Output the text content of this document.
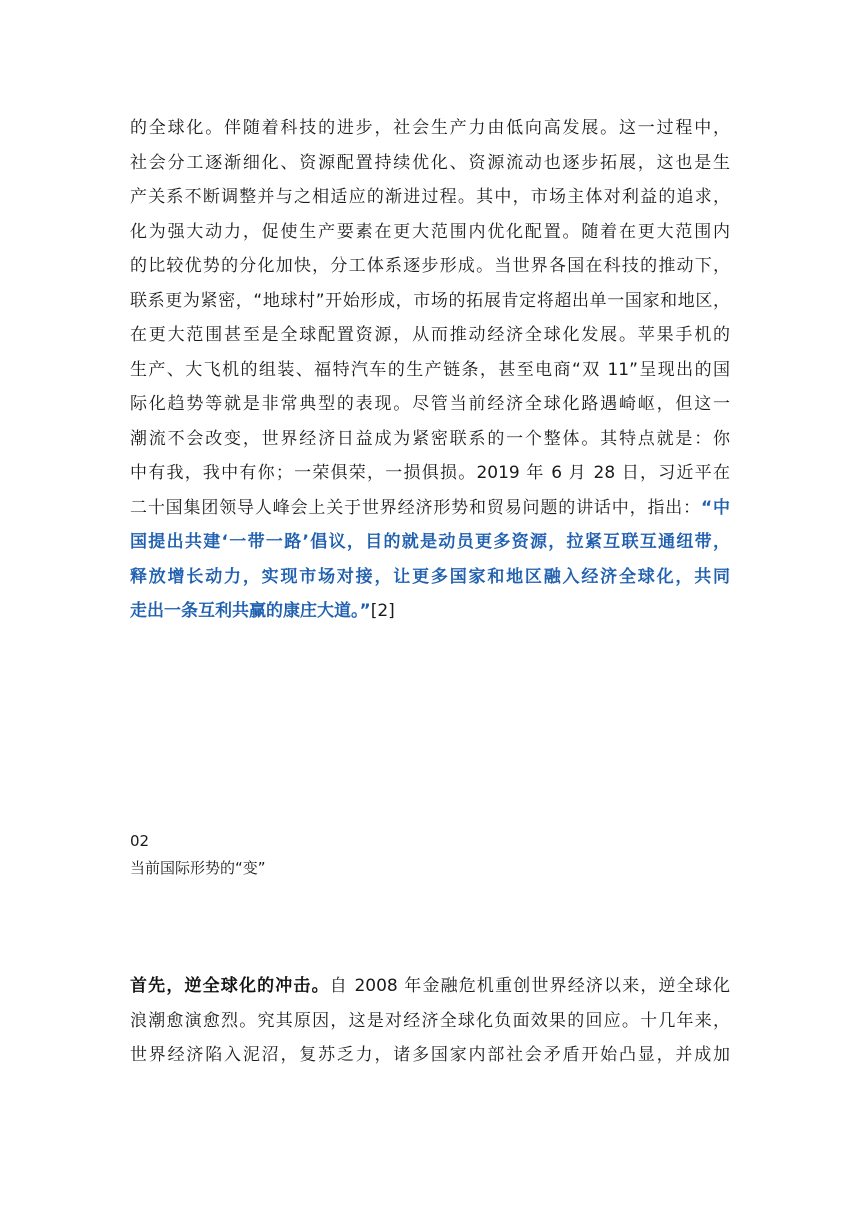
的全球化。伴随着科技的进步，社会生产力由低向高发展。这一过程中，
社会分工逐渐细化、资源配置持续优化、资源流动也逐步拓展，这也是生
产关系不断调整并与之相适应的渐进过程。其中，市场主体对利益的追求，
化为强大动力，促使生产要素在更大范围内优化配置。随着在更大范围内
的比较优势的分化加快，分工体系逐步形成。当世界各国在科技的推动下，
联系更为紧密，“地球村”开始形成，市场的拓展肯定将超出单一国家和地区，
在更大范围甚至是全球配置资源，从而推动经济全球化发展。苹果手机的
生产、大飞机的组装、福特汽车的生产链条，甚至电商“双 11”呈现出的国
际化趋势等就是非常典型的表现。尽管当前经济全球化路遇崎岖，但这一
潮流不会改变，世界经济日益成为紧密联系的一个整体。其特点就是：你
中有我，我中有你；一荣俱荣，一损俱损。2019 年 6 月 28 日，习近平在
二十国集团领导人峰会上关于世界经济形势和贸易问题的讲话中，指出：“中
国提出共建‘一带一路’倡议，目的就是动员更多资源，拉紧互联互通纽带，
释放增长动力，实现市场对接，让更多国家和地区融入经济全球化，共同
走出一条互利共赢的康庄大道。”[2]
02
当前国际形势的“变”
首先，逆全球化的冲击。自 2008 年金融危机重创世界经济以来，逆全球化
浪潮愈演愈烈。究其原因，这是对经济全球化负面效果的回应。十几年来，
世界经济陷入泥沼，复苏乏力，诸多国家内部社会矛盾开始凸显，并成加
